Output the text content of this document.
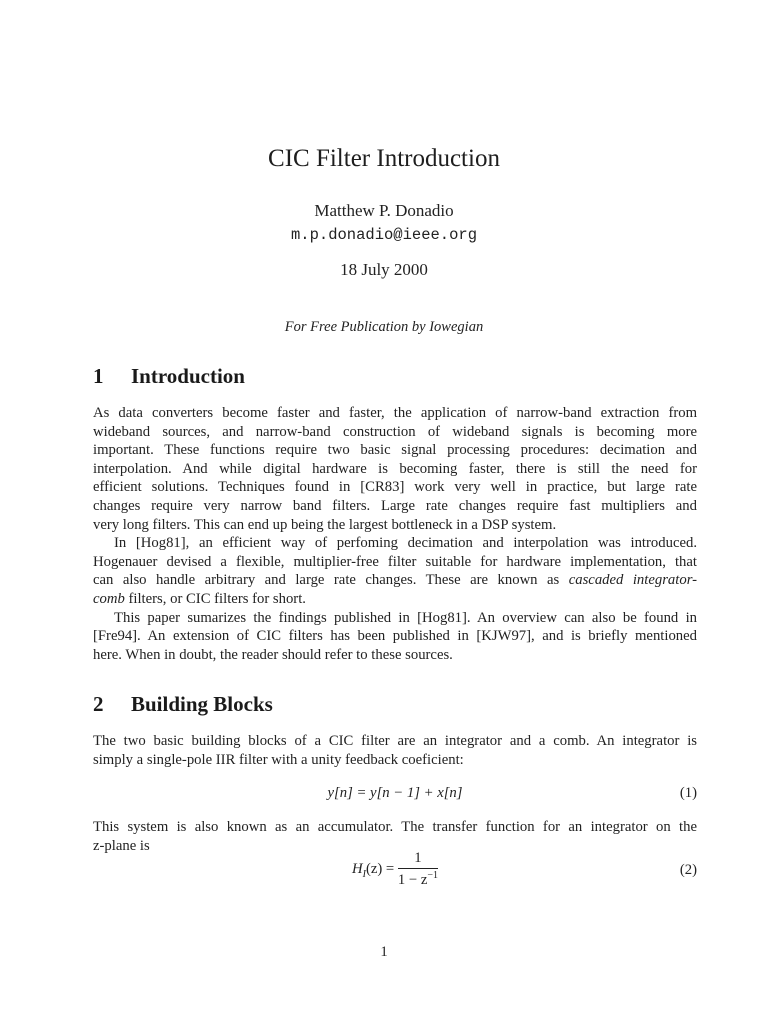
CIC Filter Introduction
Matthew P. Donadio
m.p.donadio@ieee.org
18 July 2000
For Free Publication by Iowegian
1 Introduction
As data converters become faster and faster, the application of narrow-band extraction from
wideband sources, and narrow-band construction of wideband signals is becoming more
important. These functions require two basic signal processing procedures: decimation and
interpolation. And while digital hardware is becoming faster, there is still the need for
efficient solutions. Techniques found in [CR83] work very well in practice, but large rate
changes require very narrow band filters. Large rate changes require fast multipliers and
very long filters. This can end up being the largest bottleneck in a DSP system.
In [Hog81], an efficient way of perfoming decimation and interpolation was introduced.
Hogenauer devised a flexible, multiplier-free filter suitable for hardware implementation, that
can also handle arbitrary and large rate changes. These are known as cascaded integrator-
comb filters, or CIC filters for short.
This paper sumarizes the findings published in [Hog81]. An overview can also be found in
[Fre94]. An extension of CIC filters has been published in [KJW97], and is briefly mentioned
here. When in doubt, the reader should refer to these sources.
2 Building Blocks
The two basic building blocks of a CIC filter are an integrator and a comb. An integrator is
simply a single-pole IIR filter with a unity feedback coeficient:
y[n] = y[n − 1] + x[n]	(1)
This system is also known as an accumulator. The transfer function for an integrator on the
z-plane is
$H_I(z) = \frac{1}{1 - z^{-1}}$	(2)
1
